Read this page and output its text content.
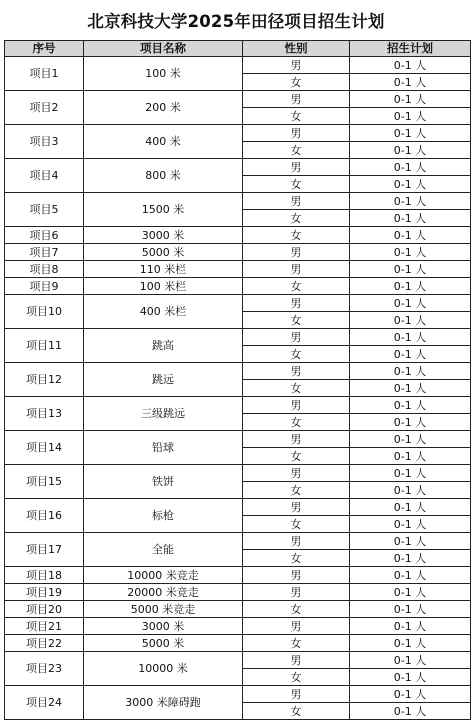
北京科技大学2025年田径项目招生计划
序号	项目名称	性别	招生计划
项目1	100 米	男	0-1 人
		女	0-1 人
项目2	200 米	男	0-1 人
		女	0-1 人
项目3	400 米	男	0-1 人
		女	0-1 人
项目4	800 米	男	0-1 人
		女	0-1 人
项目5	1500 米	男	0-1 人
		女	0-1 人
项目6	3000 米	女	0-1 人
项目7	5000 米	男	0-1 人
项目8	110 米栏	男	0-1 人
项目9	100 米栏	女	0-1 人
项目10	400 米栏	男	0-1 人
		女	0-1 人
项目11	跳高	男	0-1 人
		女	0-1 人
项目12	跳远	男	0-1 人
		女	0-1 人
项目13	三级跳远	男	0-1 人
		女	0-1 人
项目14	铅球	男	0-1 人
		女	0-1 人
项目15	铁饼	男	0-1 人
		女	0-1 人
项目16	标枪	男	0-1 人
		女	0-1 人
项目17	全能	男	0-1 人
		女	0-1 人
项目18	10000 米竞走	男	0-1 人
项目19	20000 米竞走	男	0-1 人
项目20	5000 米竞走	女	0-1 人
项目21	3000 米	男	0-1 人
项目22	5000 米	女	0-1 人
项目23	10000 米	男	0-1 人
		女	0-1 人
项目24	3000 米障碍跑	男	0-1 人
		女	0-1 人
